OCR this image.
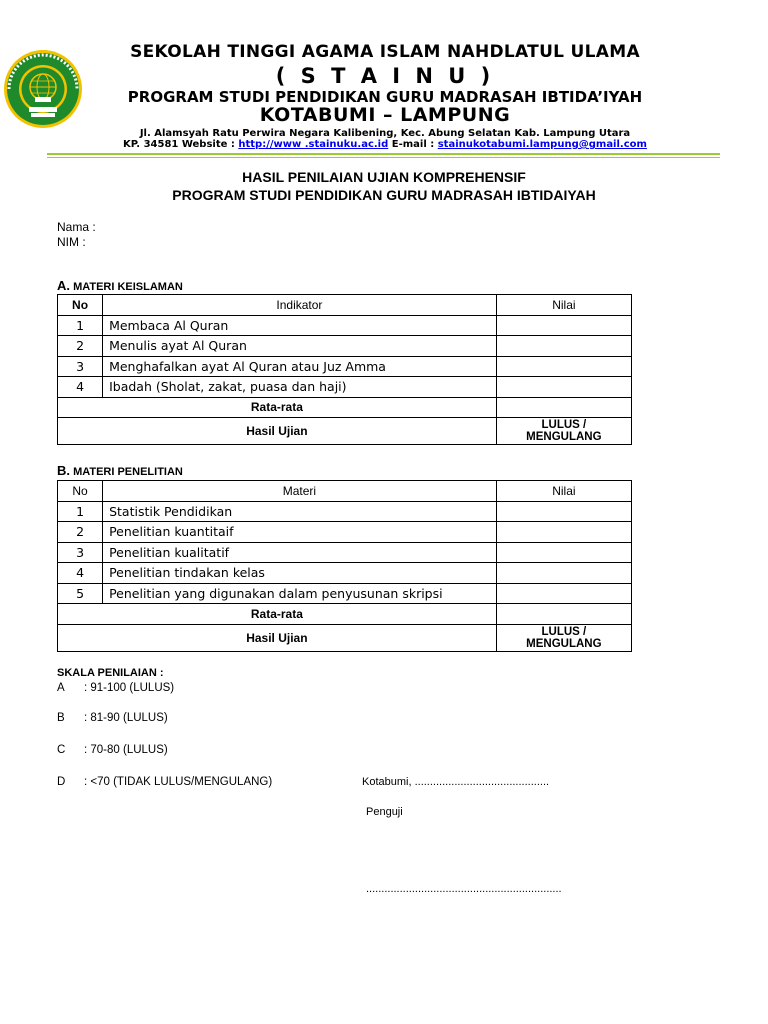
SEKOLAH TINGGI AGAMA ISLAM NAHDLATUL ULAMA
( S T A I N U )
PROGRAM STUDI PENDIDIKAN GURU MADRASAH IBTIDA’IYAH
KOTABUMI – LAMPUNG
Jl. Alamsyah Ratu Perwira Negara Kalibening, Kec. Abung Selatan Kab. Lampung Utara
KP. 34581 Website : http://www .stainuku.ac.id E-mail : stainukotabumi.lampung@gmail.com
HASIL PENILAIAN UJIAN KOMPREHENSIF
PROGRAM STUDI PENDIDIKAN GURU MADRASAH IBTIDAIYAH
Nama :
NIM :
A. MATERI KEISLAMAN
No	Indikator	Nilai
1	Membaca Al Quran	
2	Menulis ayat Al Quran	
3	Menghafalkan ayat Al Quran atau Juz Amma	
4	Ibadah (Sholat, zakat, puasa dan haji)	
Rata-rata		
Hasil Ujian		LULUS /
MENGULANG
B. MATERI PENELITIAN
No	Materi	Nilai
1	Statistik Pendidikan	
2	Penelitian kuantitaif	
3	Penelitian kualitatif	
4	Penelitian tindakan kelas	
5	Penelitian yang digunakan dalam penyusunan skripsi	
Rata-rata		
Hasil Ujian		LULUS /
MENGULANG
SKALA PENILAIAN :
A : 91-100 (LULUS)
B : 81-90 (LULUS)
C : 70-80 (LULUS)
D : <70 (TIDAK LULUS/MENGULANG)	Kotabumi, ............................................
Penguji
................................................................
